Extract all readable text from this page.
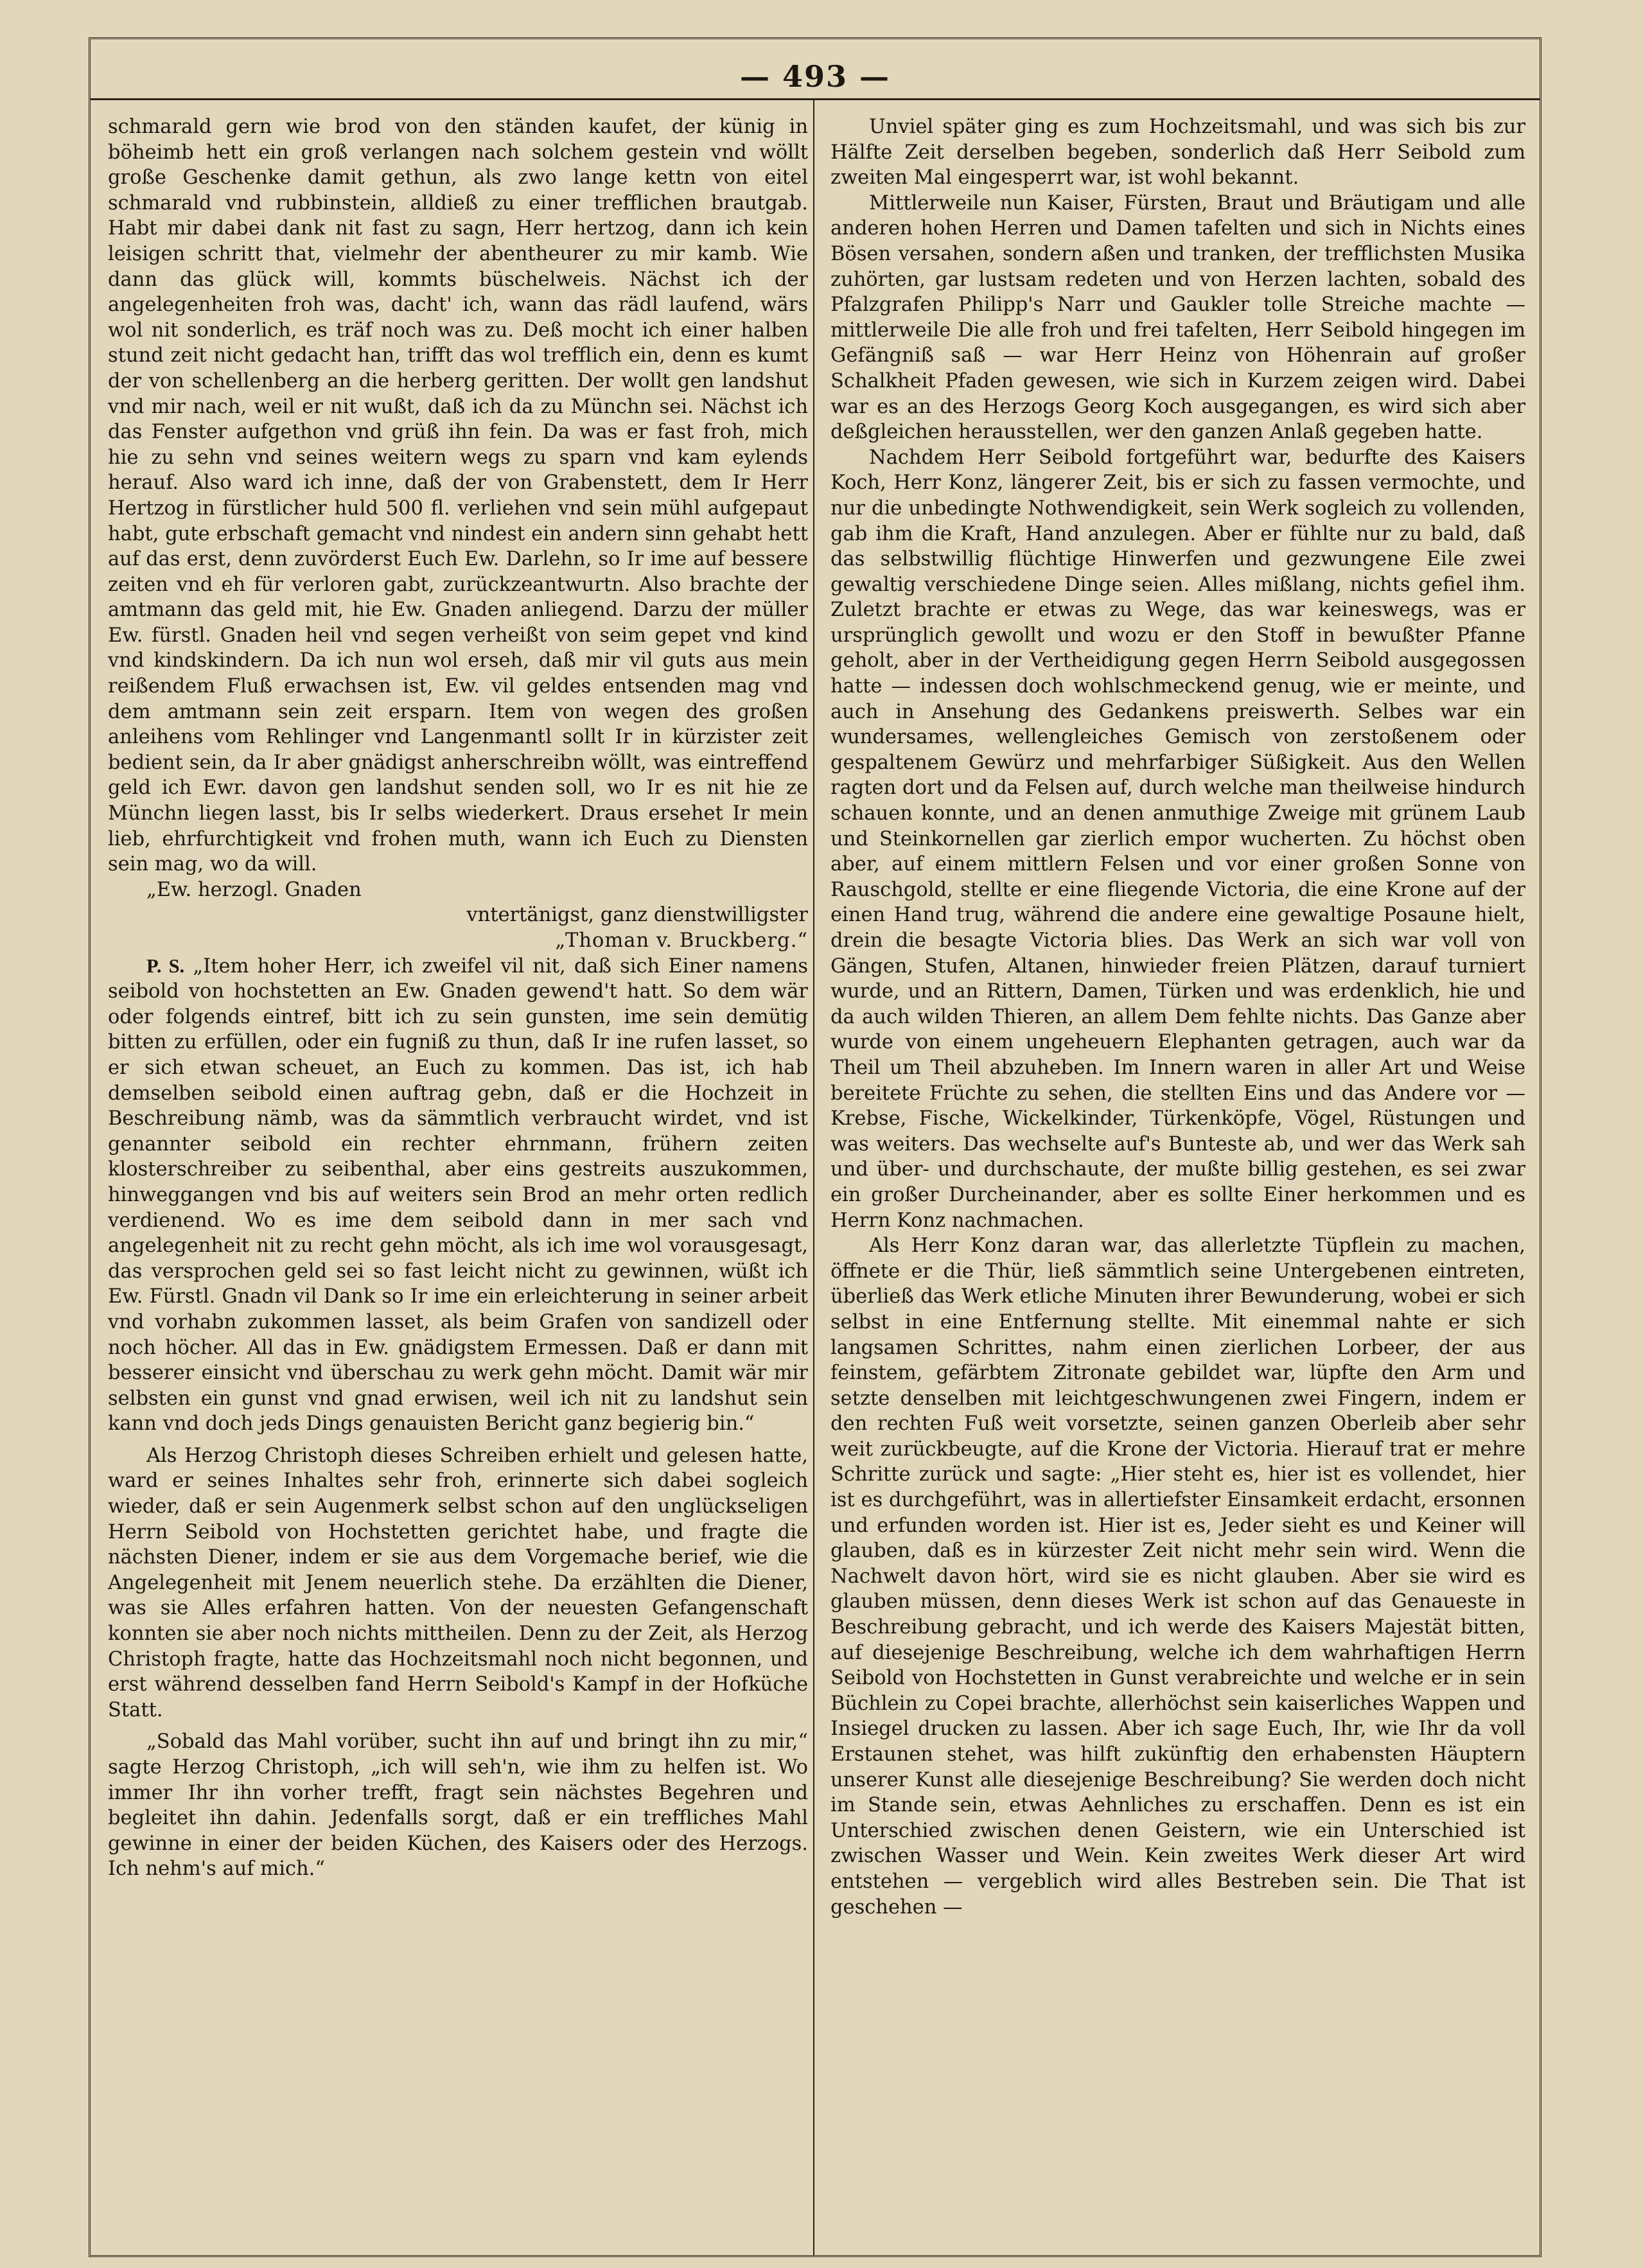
— 493 —

schmarald gern wie brod von den ständen kaufet, der künig in böheimb hett ein groß verlangen nach solchem gestein vnd wöllt große Geschenke damit gethun, als zwo lange kettn von eitel schmarald vnd rubbinstein, alldieß zu einer trefflichen brautgab. Habt mir dabei dank nit fast zu sagn, Herr hertzog, dann ich kein leisigen schritt that, vielmehr der abentheurer zu mir kamb. Wie dann das glück will, kommts büschelweis. Nächst ich der angelegenheiten froh was, dacht' ich, wann das rädl laufend, wärs wol nit sonderlich, es träf noch was zu. Deß mocht ich einer halben stund zeit nicht gedacht han, trifft das wol trefflich ein, denn es kumt der von schellenberg an die herberg geritten. Der wollt gen landshut vnd mir nach, weil er nit wußt, daß ich da zu Münchn sei. Nächst ich das Fenster aufgethon vnd grüß ihn fein. Da was er fast froh, mich hie zu sehn vnd seines weitern wegs zu sparn vnd kam eylends herauf. Also ward ich inne, daß der von Grabenstett, dem Ir Herr Hertzog in fürstlicher huld 500 fl. verliehen vnd sein mühl aufgepaut habt, gute erbschaft gemacht vnd nindest ein andern sinn gehabt hett auf das erst, denn zuvörderst Euch Ew. Darlehn, so Ir ime auf bessere zeiten vnd eh für verloren gabt, zurückzeantwurtn. Also brachte der amtmann das geld mit, hie Ew. Gnaden anliegend. Darzu der müller Ew. fürstl. Gnaden heil vnd segen verheißt von seim gepet vnd kind vnd kindskindern. Da ich nun wol erseh, daß mir vil guts aus mein reißendem Fluß erwachsen ist, Ew. vil geldes entsenden mag vnd dem amtmann sein zeit ersparn. Item von wegen des großen anleihens vom Rehlinger vnd Langenmantl sollt Ir in kürzister zeit bedient sein, da Ir aber gnädigst anherschreibn wöllt, was eintreffend geld ich Ewr. davon gen landshut senden soll, wo Ir es nit hie ze Münchn liegen lasst, bis Ir selbs wiederkert. Draus ersehet Ir mein lieb, ehrfurchtigkeit vnd frohen muth, wann ich Euch zu Diensten sein mag, wo da will.

„Ew. herzogl. Gnaden

vntertänigst, ganz dienstwilligster

„Thoman v. Bruckberg.“

P. S. „Item hoher Herr, ich zweifel vil nit, daß sich Einer namens seibold von hochstetten an Ew. Gnaden gewend't hatt. So dem wär oder folgends eintref, bitt ich zu sein gunsten, ime sein demütig bitten zu erfüllen, oder ein fugniß zu thun, daß Ir ine rufen lasset, so er sich etwan scheuet, an Euch zu kommen. Das ist, ich hab demselben seibold einen auftrag gebn, daß er die Hochzeit in Beschreibung nämb, was da sämmtlich verbraucht wirdet, vnd ist genannter seibold ein rechter ehrnmann, frühern zeiten klosterschreiber zu seibenthal, aber eins gestreits auszukommen, hinweggangen vnd bis auf weiters sein Brod an mehr orten redlich verdienend. Wo es ime dem seibold dann in mer sach vnd angelegenheit nit zu recht gehn möcht, als ich ime wol vorausgesagt, das versprochen geld sei so fast leicht nicht zu gewinnen, wüßt ich Ew. Fürstl. Gnadn vil Dank so Ir ime ein erleichterung in seiner arbeit vnd vorhabn zukommen lasset, als beim Grafen von sandizell oder noch höcher. All das in Ew. gnädigstem Ermessen. Daß er dann mit besserer einsicht vnd überschau zu werk gehn möcht. Damit wär mir selbsten ein gunst vnd gnad erwisen, weil ich nit zu landshut sein kann vnd doch jeds Dings genauisten Bericht ganz begierig bin.“

Als Herzog Christoph dieses Schreiben erhielt und gelesen hatte, ward er seines Inhaltes sehr froh, erinnerte sich dabei sogleich wieder, daß er sein Augenmerk selbst schon auf den unglückseligen Herrn Seibold von Hochstetten gerichtet habe, und fragte die nächsten Diener, indem er sie aus dem Vorgemache berief, wie die Angelegenheit mit Jenem neuerlich stehe. Da erzählten die Diener, was sie Alles erfahren hatten. Von der neuesten Gefangenschaft konnten sie aber noch nichts mittheilen. Denn zu der Zeit, als Herzog Christoph fragte, hatte das Hochzeitsmahl noch nicht begonnen, und erst während desselben fand Herrn Seibold's Kampf in der Hofküche Statt.

„Sobald das Mahl vorüber, sucht ihn auf und bringt ihn zu mir,“ sagte Herzog Christoph, „ich will seh'n, wie ihm zu helfen ist. Wo immer Ihr ihn vorher trefft, fragt sein nächstes Begehren und begleitet ihn dahin. Jedenfalls sorgt, daß er ein treffliches Mahl gewinne in einer der beiden Küchen, des Kaisers oder des Herzogs. Ich nehm's auf mich.“

Unviel später ging es zum Hochzeitsmahl, und was sich bis zur Hälfte Zeit derselben begeben, sonderlich daß Herr Seibold zum zweiten Mal eingesperrt war, ist wohl bekannt.

Mittlerweile nun Kaiser, Fürsten, Braut und Bräutigam und alle anderen hohen Herren und Damen tafelten und sich in Nichts eines Bösen versahen, sondern aßen und tranken, der trefflichsten Musika zuhörten, gar lustsam redeten und von Herzen lachten, sobald des Pfalzgrafen Philipp's Narr und Gaukler tolle Streiche machte — mittlerweile Die alle froh und frei tafelten, Herr Seibold hingegen im Gefängniß saß — war Herr Heinz von Höhenrain auf großer Schalkheit Pfaden gewesen, wie sich in Kurzem zeigen wird. Dabei war es an des Herzogs Georg Koch ausgegangen, es wird sich aber deßgleichen herausstellen, wer den ganzen Anlaß gegeben hatte.

Nachdem Herr Seibold fortgeführt war, bedurfte des Kaisers Koch, Herr Konz, längerer Zeit, bis er sich zu fassen vermochte, und nur die unbedingte Nothwendigkeit, sein Werk sogleich zu vollenden, gab ihm die Kraft, Hand anzulegen. Aber er fühlte nur zu bald, daß das selbstwillig flüchtige Hinwerfen und gezwungene Eile zwei gewaltig verschiedene Dinge seien. Alles mißlang, nichts gefiel ihm. Zuletzt brachte er etwas zu Wege, das war keineswegs, was er ursprünglich gewollt und wozu er den Stoff in bewußter Pfanne geholt, aber in der Vertheidigung gegen Herrn Seibold ausgegossen hatte — indessen doch wohlschmeckend genug, wie er meinte, und auch in Ansehung des Gedankens preiswerth. Selbes war ein wundersames, wellengleiches Gemisch von zerstoßenem oder gespaltenem Gewürz und mehrfarbiger Süßigkeit. Aus den Wellen ragten dort und da Felsen auf, durch welche man theilweise hindurch schauen konnte, und an denen anmuthige Zweige mit grünem Laub und Steinkornellen gar zierlich empor wucherten. Zu höchst oben aber, auf einem mittlern Felsen und vor einer großen Sonne von Rauschgold, stellte er eine fliegende Victoria, die eine Krone auf der einen Hand trug, während die andere eine gewaltige Posaune hielt, drein die besagte Victoria blies. Das Werk an sich war voll von Gängen, Stufen, Altanen, hinwieder freien Plätzen, darauf turniert wurde, und an Rittern, Damen, Türken und was erdenklich, hie und da auch wilden Thieren, an allem Dem fehlte nichts. Das Ganze aber wurde von einem ungeheuern Elephanten getragen, auch war da Theil um Theil abzuheben. Im Innern waren in aller Art und Weise bereitete Früchte zu sehen, die stellten Eins und das Andere vor — Krebse, Fische, Wickelkinder, Türkenköpfe, Vögel, Rüstungen und was weiters. Das wechselte auf's Bunteste ab, und wer das Werk sah und über- und durchschaute, der mußte billig gestehen, es sei zwar ein großer Durcheinander, aber es sollte Einer herkommen und es Herrn Konz nachmachen.

Als Herr Konz daran war, das allerletzte Tüpflein zu machen, öffnete er die Thür, ließ sämmtlich seine Untergebenen eintreten, überließ das Werk etliche Minuten ihrer Bewunderung, wobei er sich selbst in eine Entfernung stellte. Mit einemmal nahte er sich langsamen Schrittes, nahm einen zierlichen Lorbeer, der aus feinstem, gefärbtem Zitronate gebildet war, lüpfte den Arm und setzte denselben mit leichtgeschwungenen zwei Fingern, indem er den rechten Fuß weit vorsetzte, seinen ganzen Oberleib aber sehr weit zurückbeugte, auf die Krone der Victoria. Hierauf trat er mehre Schritte zurück und sagte: „Hier steht es, hier ist es vollendet, hier ist es durchgeführt, was in allertiefster Einsamkeit erdacht, ersonnen und erfunden worden ist. Hier ist es, Jeder sieht es und Keiner will glauben, daß es in kürzester Zeit nicht mehr sein wird. Wenn die Nachwelt davon hört, wird sie es nicht glauben. Aber sie wird es glauben müssen, denn dieses Werk ist schon auf das Genaueste in Beschreibung gebracht, und ich werde des Kaisers Majestät bitten, auf diesejenige Beschreibung, welche ich dem wahrhaftigen Herrn Seibold von Hochstetten in Gunst verabreichte und welche er in sein Büchlein zu Copei brachte, allerhöchst sein kaiserliches Wappen und Insiegel drucken zu lassen. Aber ich sage Euch, Ihr, wie Ihr da voll Erstaunen stehet, was hilft zukünftig den erhabensten Häuptern unserer Kunst alle diesejenige Beschreibung? Sie werden doch nicht im Stande sein, etwas Aehnliches zu erschaffen. Denn es ist ein Unterschied zwischen denen Geistern, wie ein Unterschied ist zwischen Wasser und Wein. Kein zweites Werk dieser Art wird entstehen — vergeblich wird alles Bestreben sein. Die That ist geschehen —
